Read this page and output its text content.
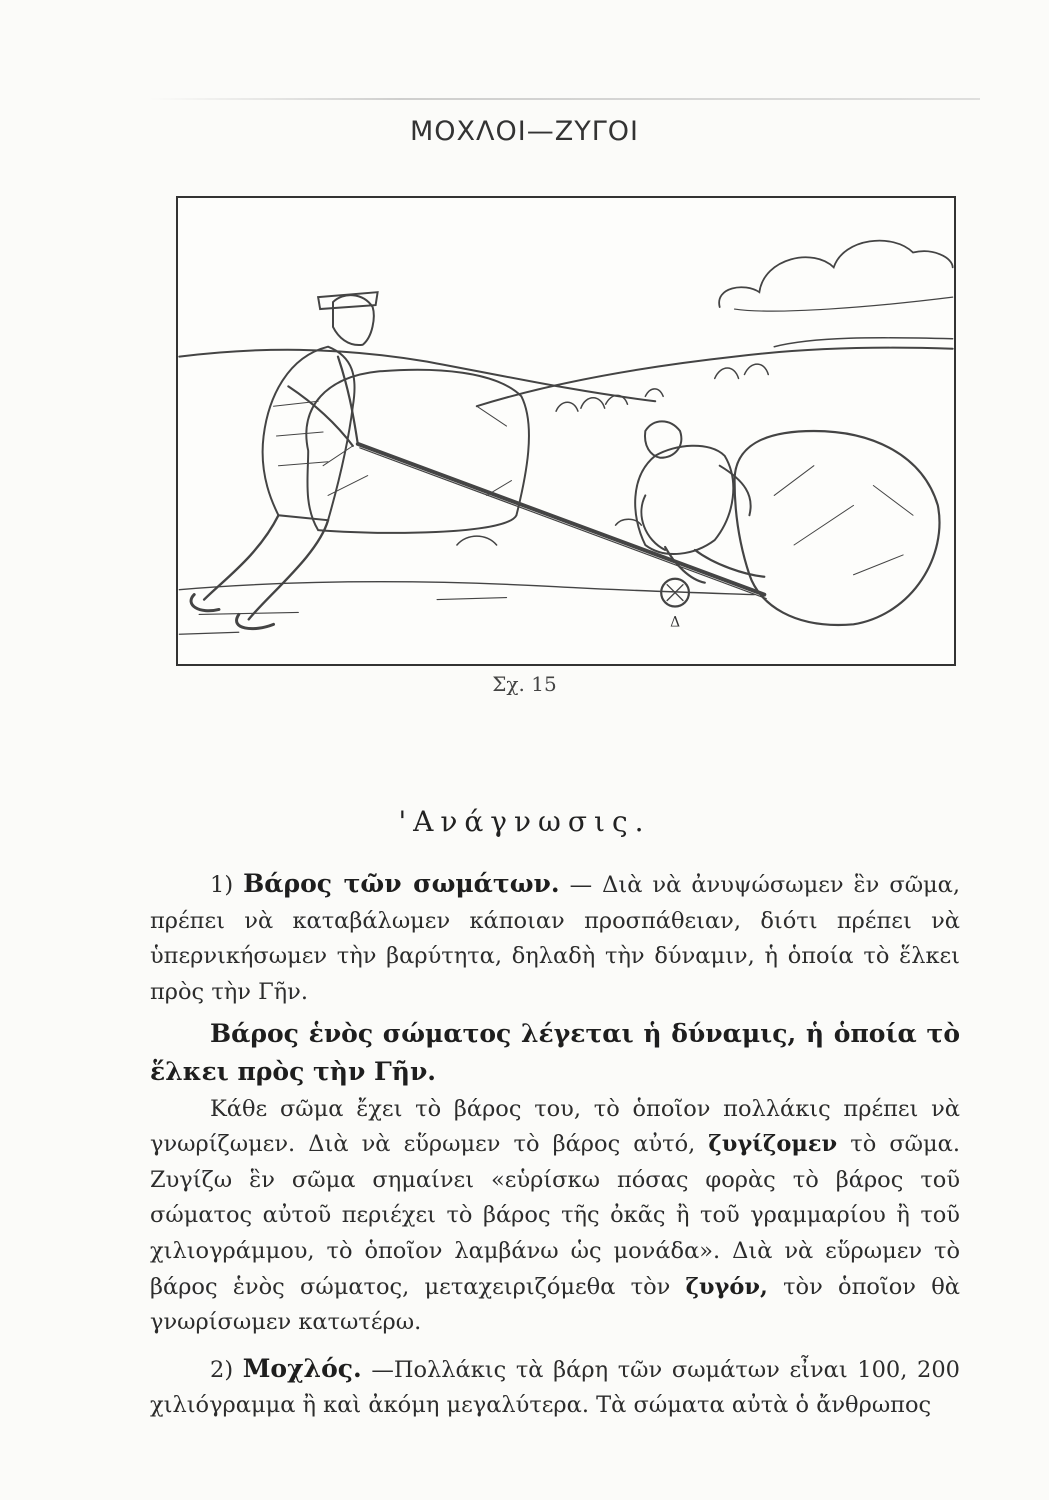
ΜΟΧΛΟΙ—ΖΥΓΟΙ
Δ
Σχ. 15
'Ανάγνωσις.

1) Βάρος τῶν σωμάτων. — Διὰ νὰ ἀνυψώσωμεν ἓν σῶμα, πρέπει νὰ καταβάλωμεν κάποιαν προσπάθειαν, διότι πρέπει νὰ ὑπερνικήσωμεν τὴν βαρύτητα, δηλαδὴ τὴν δύναμιν, ἡ ὁποία τὸ ἕλκει πρὸς τὴν Γῆν.

Βάρος ἑνὸς σώματος λέγεται ἡ δύναμις, ἡ ὁποία τὸ ἕλκει πρὸς τὴν Γῆν.

Κάθε σῶμα ἔχει τὸ βάρος του, τὸ ὁποῖον πολλάκις πρέπει νὰ γνωρίζωμεν. Διὰ νὰ εὕρωμεν τὸ βάρος αὐτό, ζυγίζομεν τὸ σῶμα. Ζυγίζω ἓν σῶμα σημαίνει «εὑρίσκω πόσας φορὰς τὸ βάρος τοῦ σώματος αὐτοῦ περιέχει τὸ βάρος τῆς ὀκᾶς ἢ τοῦ γραμμαρίου ἢ τοῦ χιλιογράμμου, τὸ ὁποῖον λαμβάνω ὡς μονάδα». Διὰ νὰ εὕρωμεν τὸ βάρος ἑνὸς σώματος, μεταχειριζόμεθα τὸν ζυγόν, τὸν ὁποῖον θὰ γνωρίσωμεν κατωτέρω.

2) Μοχλός. —Πολλάκις τὰ βάρη τῶν σωμάτων εἶναι 100, 200 χιλιόγραμμα ἢ καὶ ἀκόμη μεγαλύτερα. Τὰ σώματα αὐτὰ ὁ ἄνθρωπος
